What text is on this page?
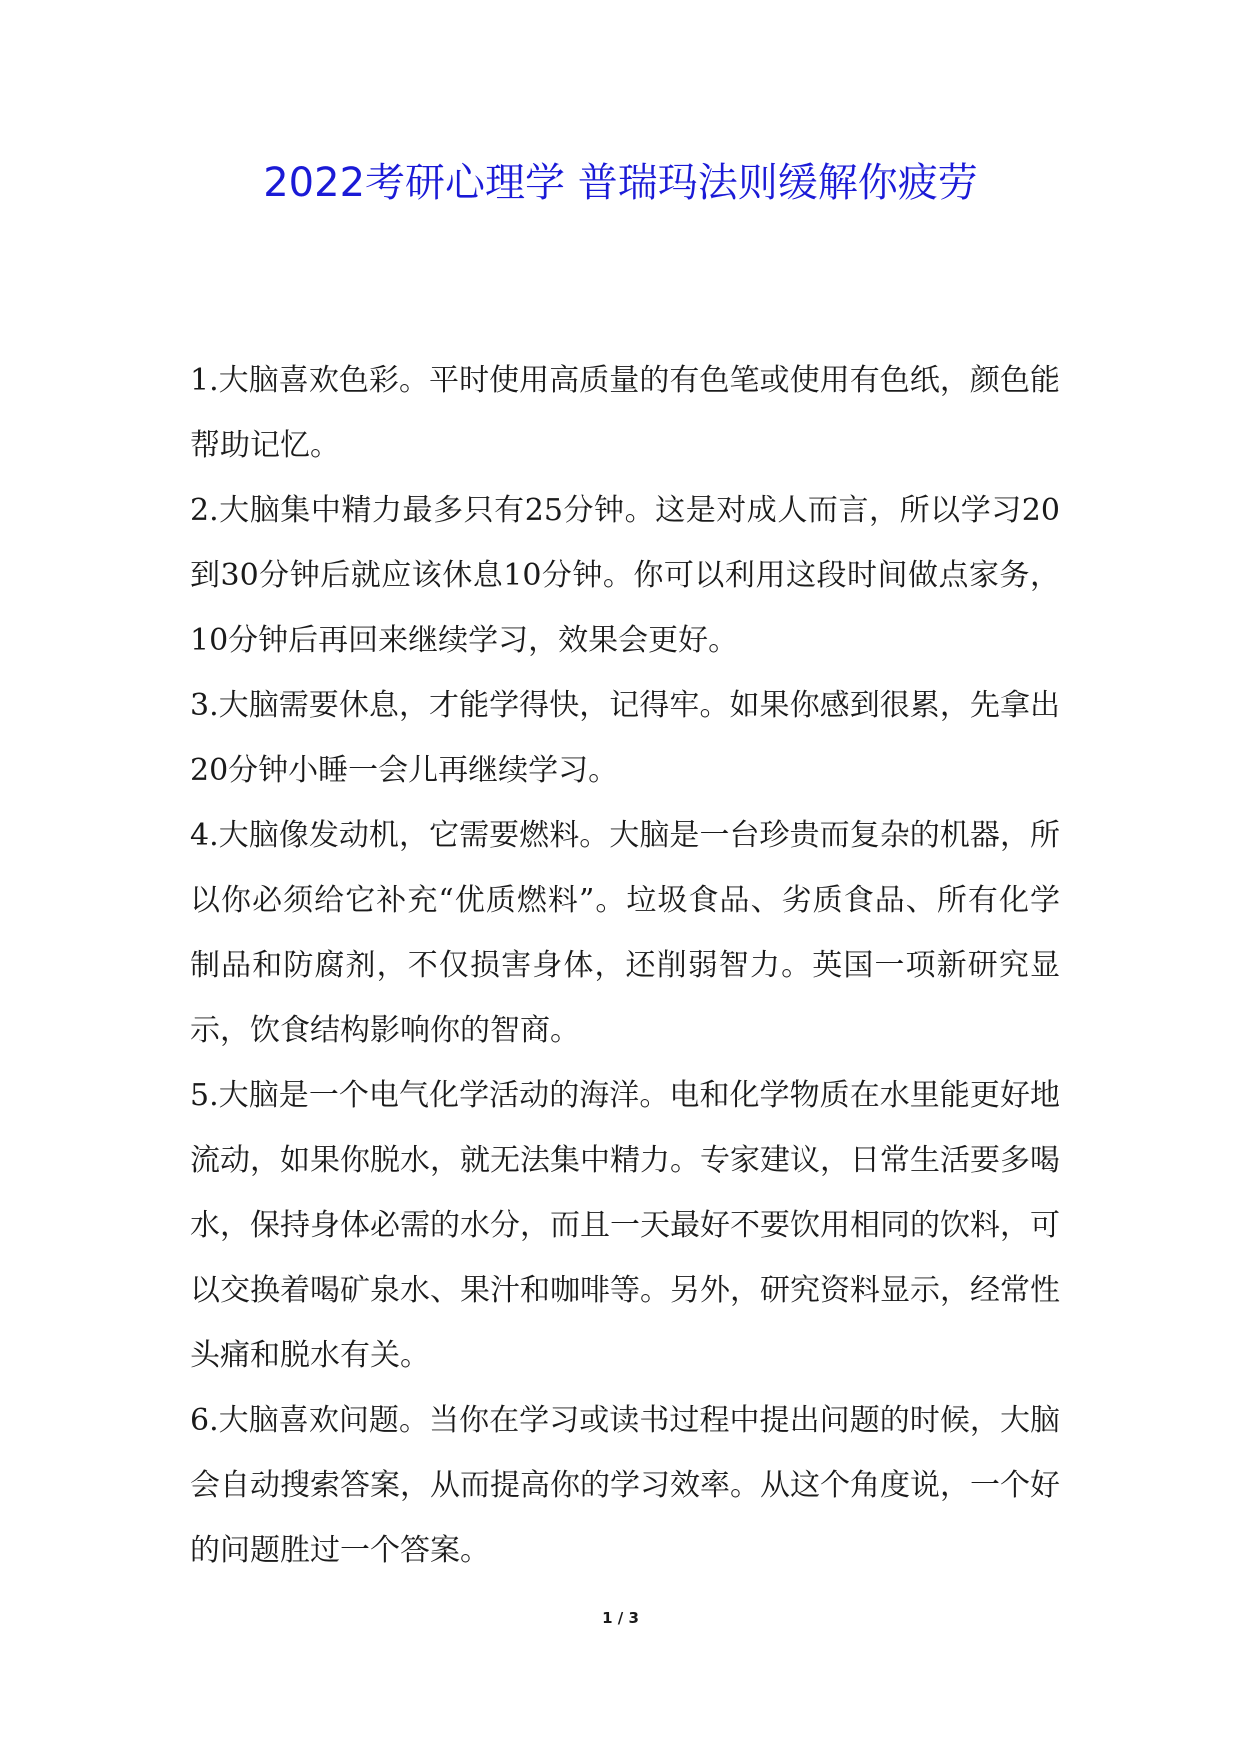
2022考研心理学 普瑞玛法则缓解你疲劳

1.大脑喜欢色彩。平时使用高质量的有色笔或使用有色纸，颜色能帮助记忆。

2.大脑集中精力最多只有25分钟。这是对成人而言，所以学习20到30分钟后就应该休息10分钟。你可以利用这段时间做点家务，10分钟后再回来继续学习，效果会更好。

3.大脑需要休息，才能学得快，记得牢。如果你感到很累，先拿出20分钟小睡一会儿再继续学习。

4.大脑像发动机，它需要燃料。大脑是一台珍贵而复杂的机器，所以你必须给它补充“优质燃料”。垃圾食品、劣质食品、所有化学制品和防腐剂，不仅损害身体，还削弱智力。英国一项新研究显示，饮食结构影响你的智商。

5.大脑是一个电气化学活动的海洋。电和化学物质在水里能更好地流动，如果你脱水，就无法集中精力。专家建议，日常生活要多喝水，保持身体必需的水分，而且一天最好不要饮用相同的饮料，可以交换着喝矿泉水、果汁和咖啡等。另外，研究资料显示，经常性头痛和脱水有关。

6.大脑喜欢问题。当你在学习或读书过程中提出问题的时候，大脑会自动搜索答案，从而提高你的学习效率。从这个角度说，一个好的问题胜过一个答案。

1 / 3
